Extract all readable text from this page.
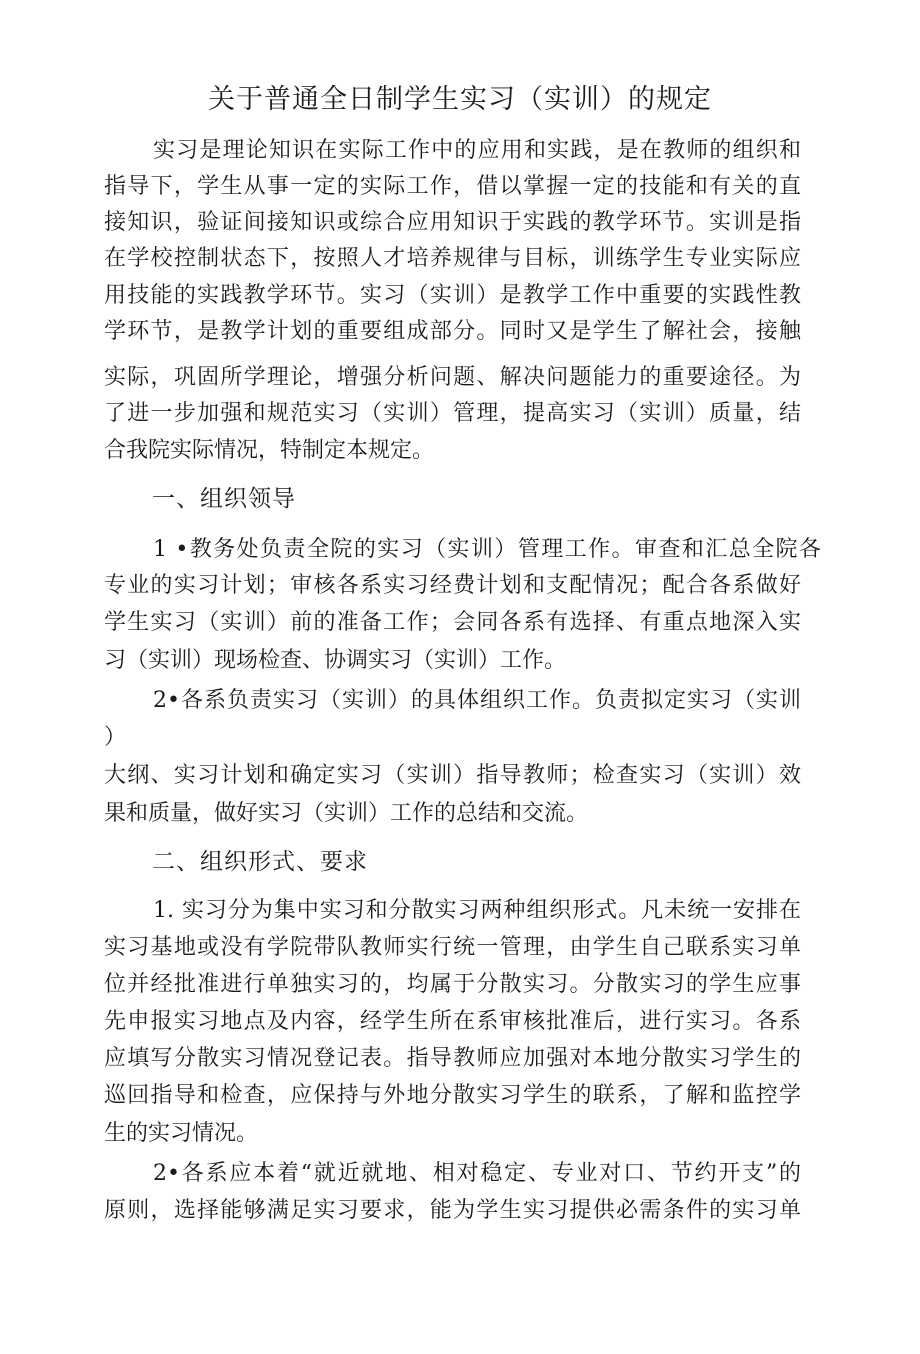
关于普通全日制学生实习（实训）的规定
实习是理论知识在实际工作中的应用和实践，是在教师的组织和
指导下，学生从事一定的实际工作，借以掌握一定的技能和有关的直
接知识，验证间接知识或综合应用知识于实践的教学环节。实训是指
在学校控制状态下，按照人才培养规律与目标，训练学生专业实际应
用技能的实践教学环节。实习（实训）是教学工作中重要的实践性教
学环节，是教学计划的重要组成部分。同时又是学生了解社会，接触
实际，巩固所学理论，增强分析问题、解决问题能力的重要途径。为
了进一步加强和规范实习（实训）管理，提高实习（实训）质量，结
合我院实际情况，特制定本规定。
一、组织领导
1 •教务处负责全院的实习（实训）管理工作。审查和汇总全院各
专业的实习计划；审核各系实习经费计划和支配情况；配合各系做好
学生实习（实训）前的准备工作；会同各系有选择、有重点地深入实
习（实训）现场检查、协调实习（实训）工作。
2•各系负责实习（实训）的具体组织工作。负责拟定实习（实训
）
大纲、实习计划和确定实习（实训）指导教师；检查实习（实训）效
果和质量，做好实习（实训）工作的总结和交流。
二、组织形式、要求
1. 实习分为集中实习和分散实习两种组织形式。凡未统一安排在
实习基地或没有学院带队教师实行统一管理，由学生自己联系实习单
位并经批准进行单独实习的，均属于分散实习。分散实习的学生应事
先申报实习地点及内容，经学生所在系审核批准后，进行实习。各系
应填写分散实习情况登记表。指导教师应加强对本地分散实习学生的
巡回指导和检查，应保持与外地分散实习学生的联系，了解和监控学
生的实习情况。
2•各系应本着“就近就地、相对稳定、专业对口、节约开支”的
原则，选择能够满足实习要求，能为学生实习提供必需条件的实习单
